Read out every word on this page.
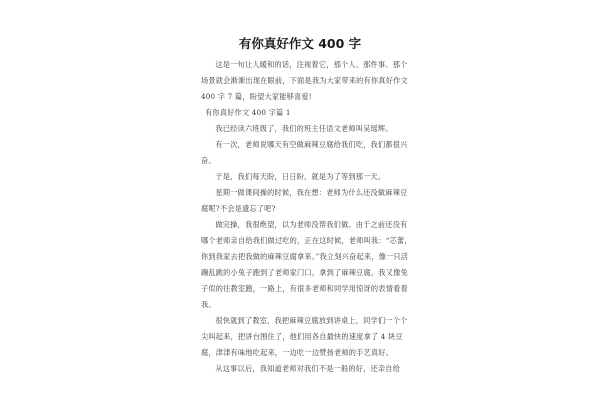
有你真好作文 400 字

这是一句让人暖和的话，注视着它，那个人、那件事、那个场景就会渐渐出现在眼前，下面是我为大家带来的有你真好作文 400 字 7 篇，盼望大家能够喜爱!

有你真好作文 400 字篇 1

我已经读六班级了，我们的班主任语文老师叫吴瑶辉。

有一次，老师说哪天有空做麻辣豆腐给我们吃，我们都很兴奋。

于是，我们每天盼，日日盼，就是为了等到那一天。

星期一做课间操的时候，我在想：老师为什么还没做麻辣豆腐呢?不会是遗忘了吧?

做完操，我很绝望，以为老师没帮我们做。由于之前还没有哪个老师亲自给我们做过吃的，正在这时候，老师叫我：“芯蕾，你到我家去把我做的麻辣豆腐拿来。”我立刻兴奋起来，像一只活蹦乱跳的小兔子跑到了老师家门口，拿到了麻辣豆腐，我又像兔子似的往教室跑，一路上，有很多老师和同学用惊讶的表情看着我。

很快就到了教室，我把麻辣豆腐放到讲桌上，同学们一个个尖叫起来，把讲台围住了，他们用各自最快的速度拿了 4 块豆腐，津津有味地吃起来，一边吃一边赞扬老师的手艺真好。

从这事以后，我知道老师对我们不是一般的好，还亲自给
